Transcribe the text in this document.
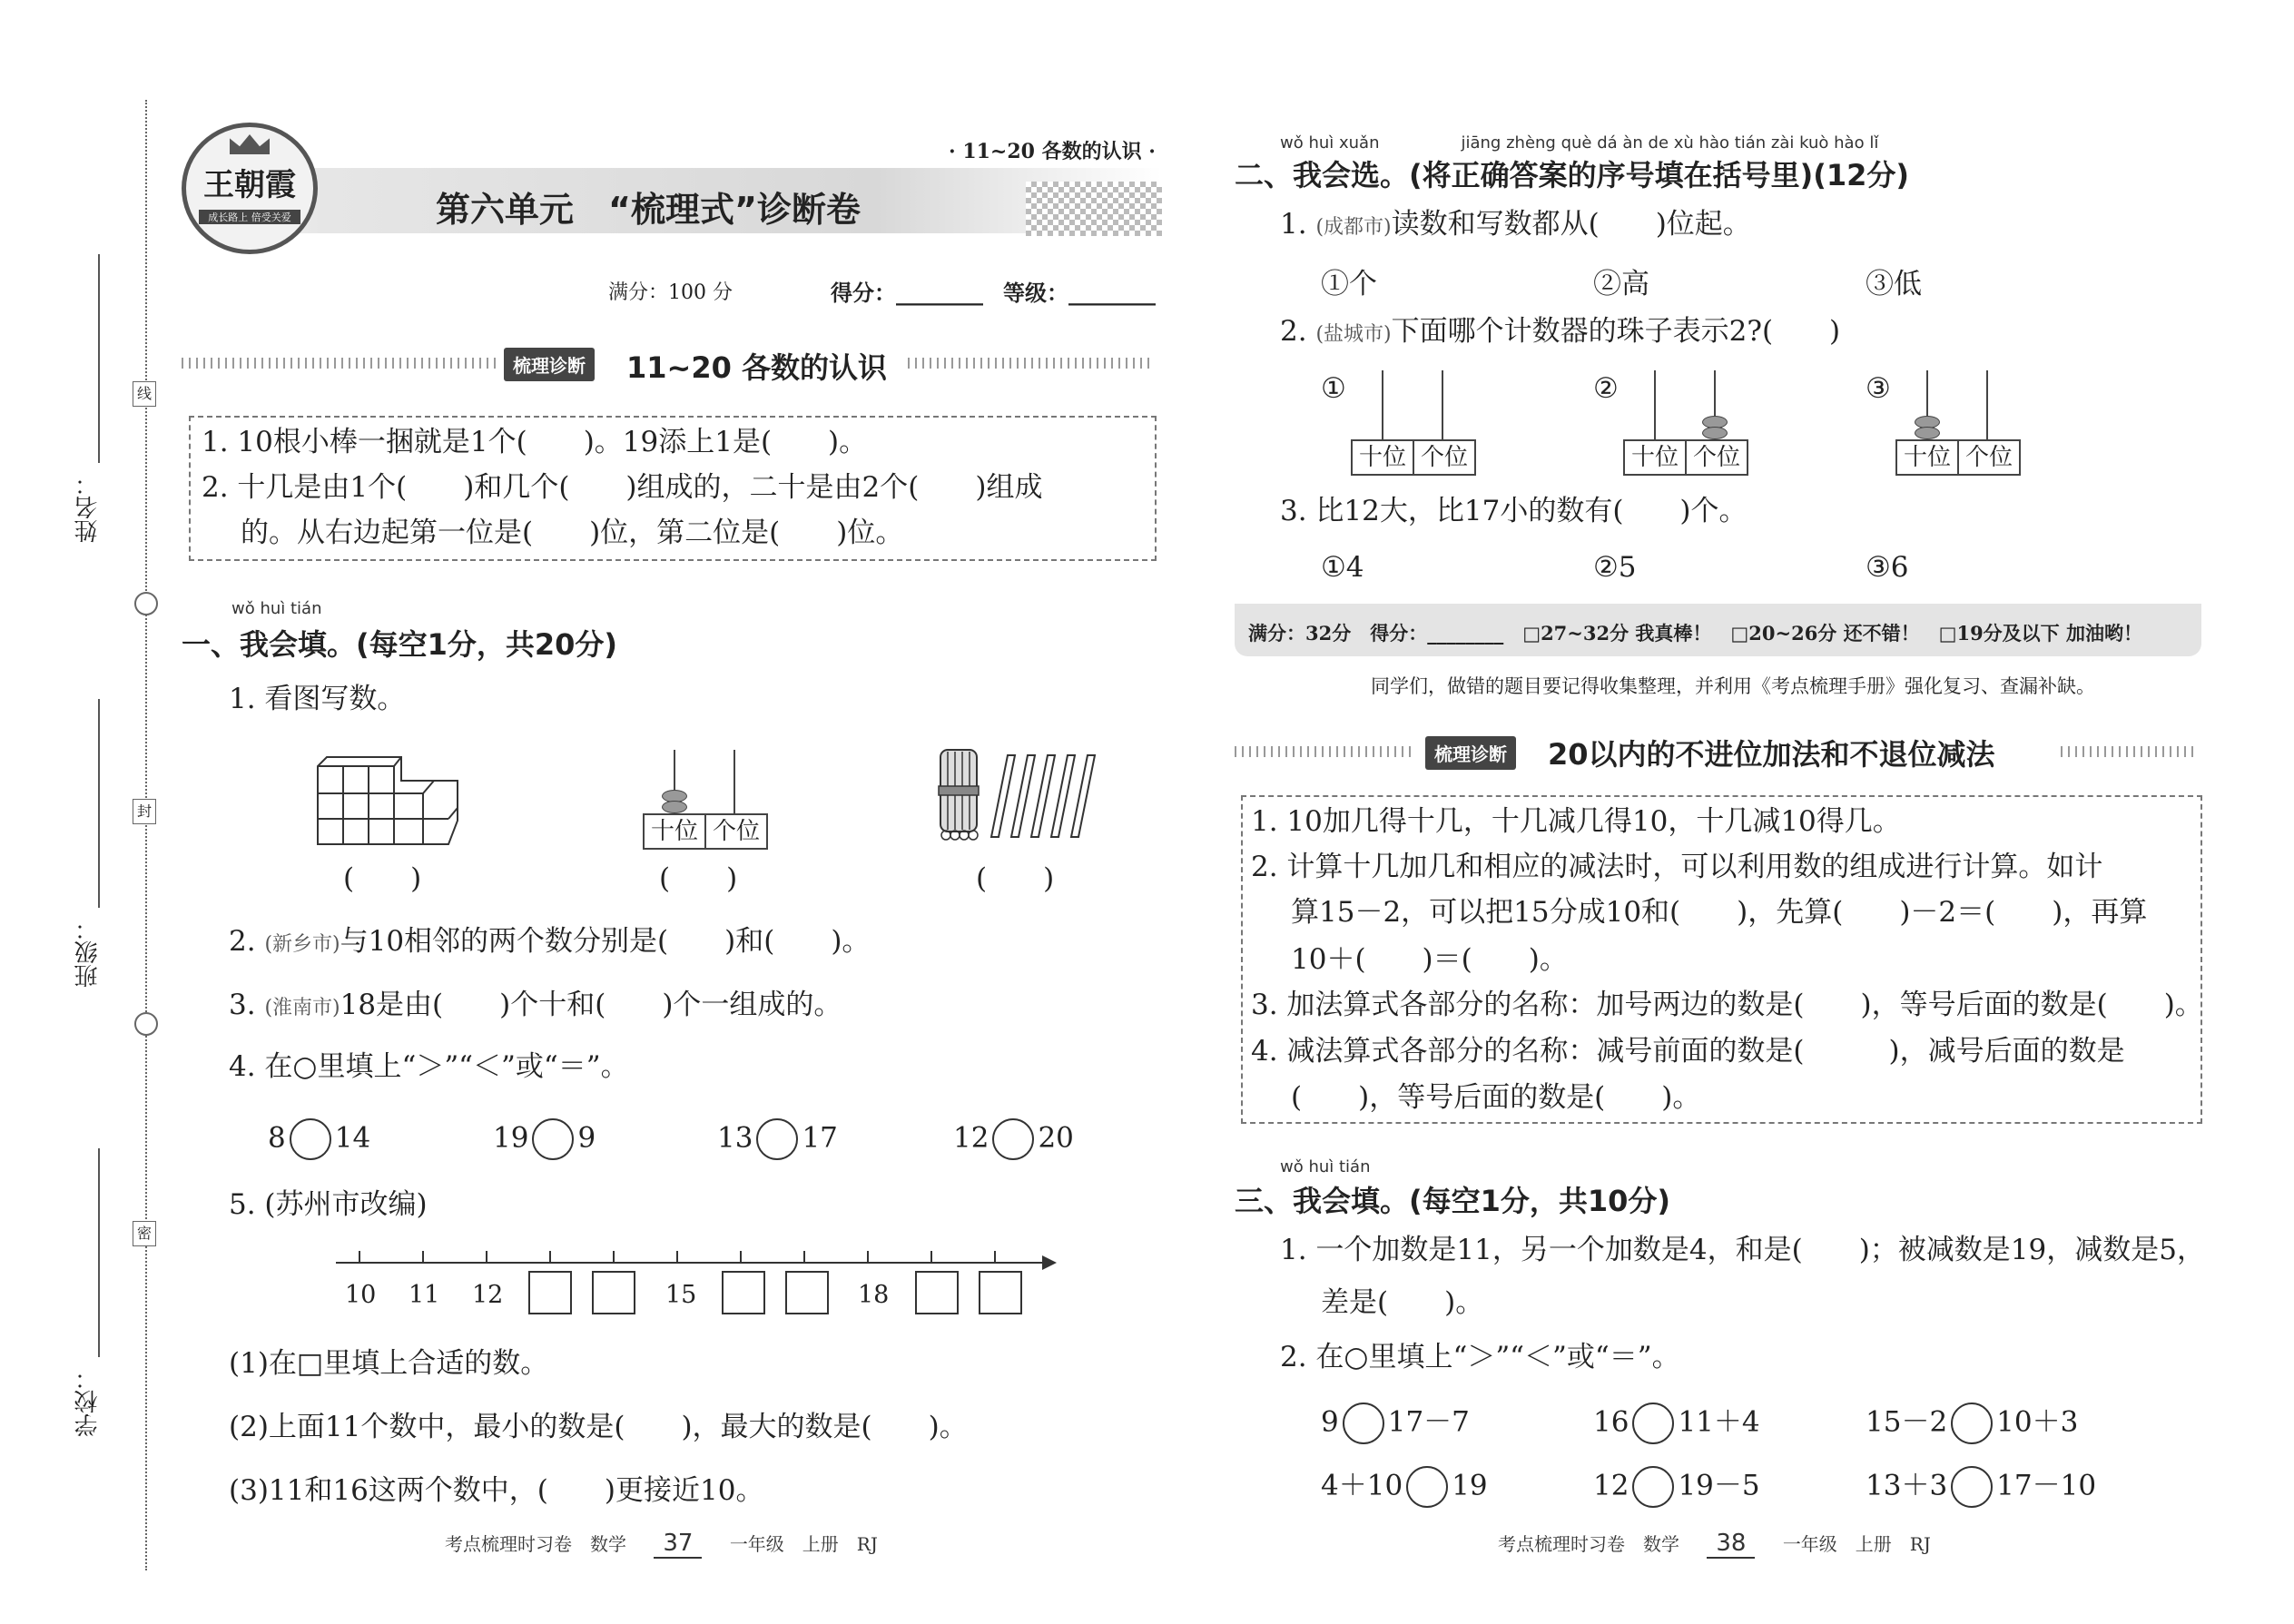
线
封
密
姓名：
班级：
学校：
王朝霞
成长路上 倍受关爱
· 11~20 各数的认识 ·
第六单元　“梳理式”诊断卷
满分：100 分	得分：________ 等级：________
梳理诊断	11~20 各数的认识
1. 10根小棒一捆就是1个(　　)。19添上1是(　　)。
2. 十几是由1个(　　)和几个(　　)组成的，二十是由2个(　　)组成
的。从右边起第一位是(　　)位，第二位是(　　)位。
wǒ huì tián
一、我会填。(每空1分，共20分)
1. 看图写数。
(　　)
十位 个位
(　　)	(　　)
2. (新乡市)与10相邻的两个数分别是(　　)和(　　)。
3. (淮南市)18是由(　　)个十和(　　)个一组成的。
4. 在○里填上“＞”“＜”或“＝”。
8 14	19 9	13 17	12 20
5. (苏州市改编)
10 11 12	15	18
(1)在□里填上合适的数。
(2)上面11个数中，最小的数是(　　)，最大的数是(　　)。
(3)11和16这两个数中，(　　)更接近10。
考点梳理时习卷　数学 37 一年级　上册　RJ
wǒ huì xuǎn　　　　　jiāng zhèng què dá àn de xù hào tián zài kuò hào lǐ
二、我会选。(将正确答案的序号填在括号里)(12分)
1. (成都市)读数和写数都从(　　)位起。
①个	②高	③低
2. (盐城市)下面哪个计数器的珠子表示2?(　　)
①
十位 个位
②
十位 个位
③
十位 个位
3. 比12大，比17小的数有(　　)个。
①4	②5	③6
满分：32分　得分：________　□27~32分 我真棒！　□20~26分 还不错！　□19分及以下 加油哟！
同学们，做错的题目要记得收集整理，并利用《考点梳理手册》强化复习、查漏补缺。
梳理诊断	20以内的不进位加法和不退位减法
1. 10加几得十几，十几减几得10，十几减10得几。
2. 计算十几加几和相应的减法时，可以利用数的组成进行计算。如计
算15－2，可以把15分成10和(　　)，先算(　　)－2＝(　　)，再算
10＋(　　)＝(　　)。
3. 加法算式各部分的名称：加号两边的数是(　　)，等号后面的数是(　　)。
4. 减法算式各部分的名称：减号前面的数是(　　　)，减号后面的数是
(　　)，等号后面的数是(　　)。
wǒ huì tián
三、我会填。(每空1分，共10分)
1. 一个加数是11，另一个加数是4，和是(　　)；被减数是19，减数是5，
差是(　　)。
2. 在○里填上“＞”“＜”或“＝”。
9 17－7	16 11＋4	15－2 10＋3
4＋10 19	12 19－5	13＋3 17－10
考点梳理时习卷　数学 38 一年级　上册　RJ
